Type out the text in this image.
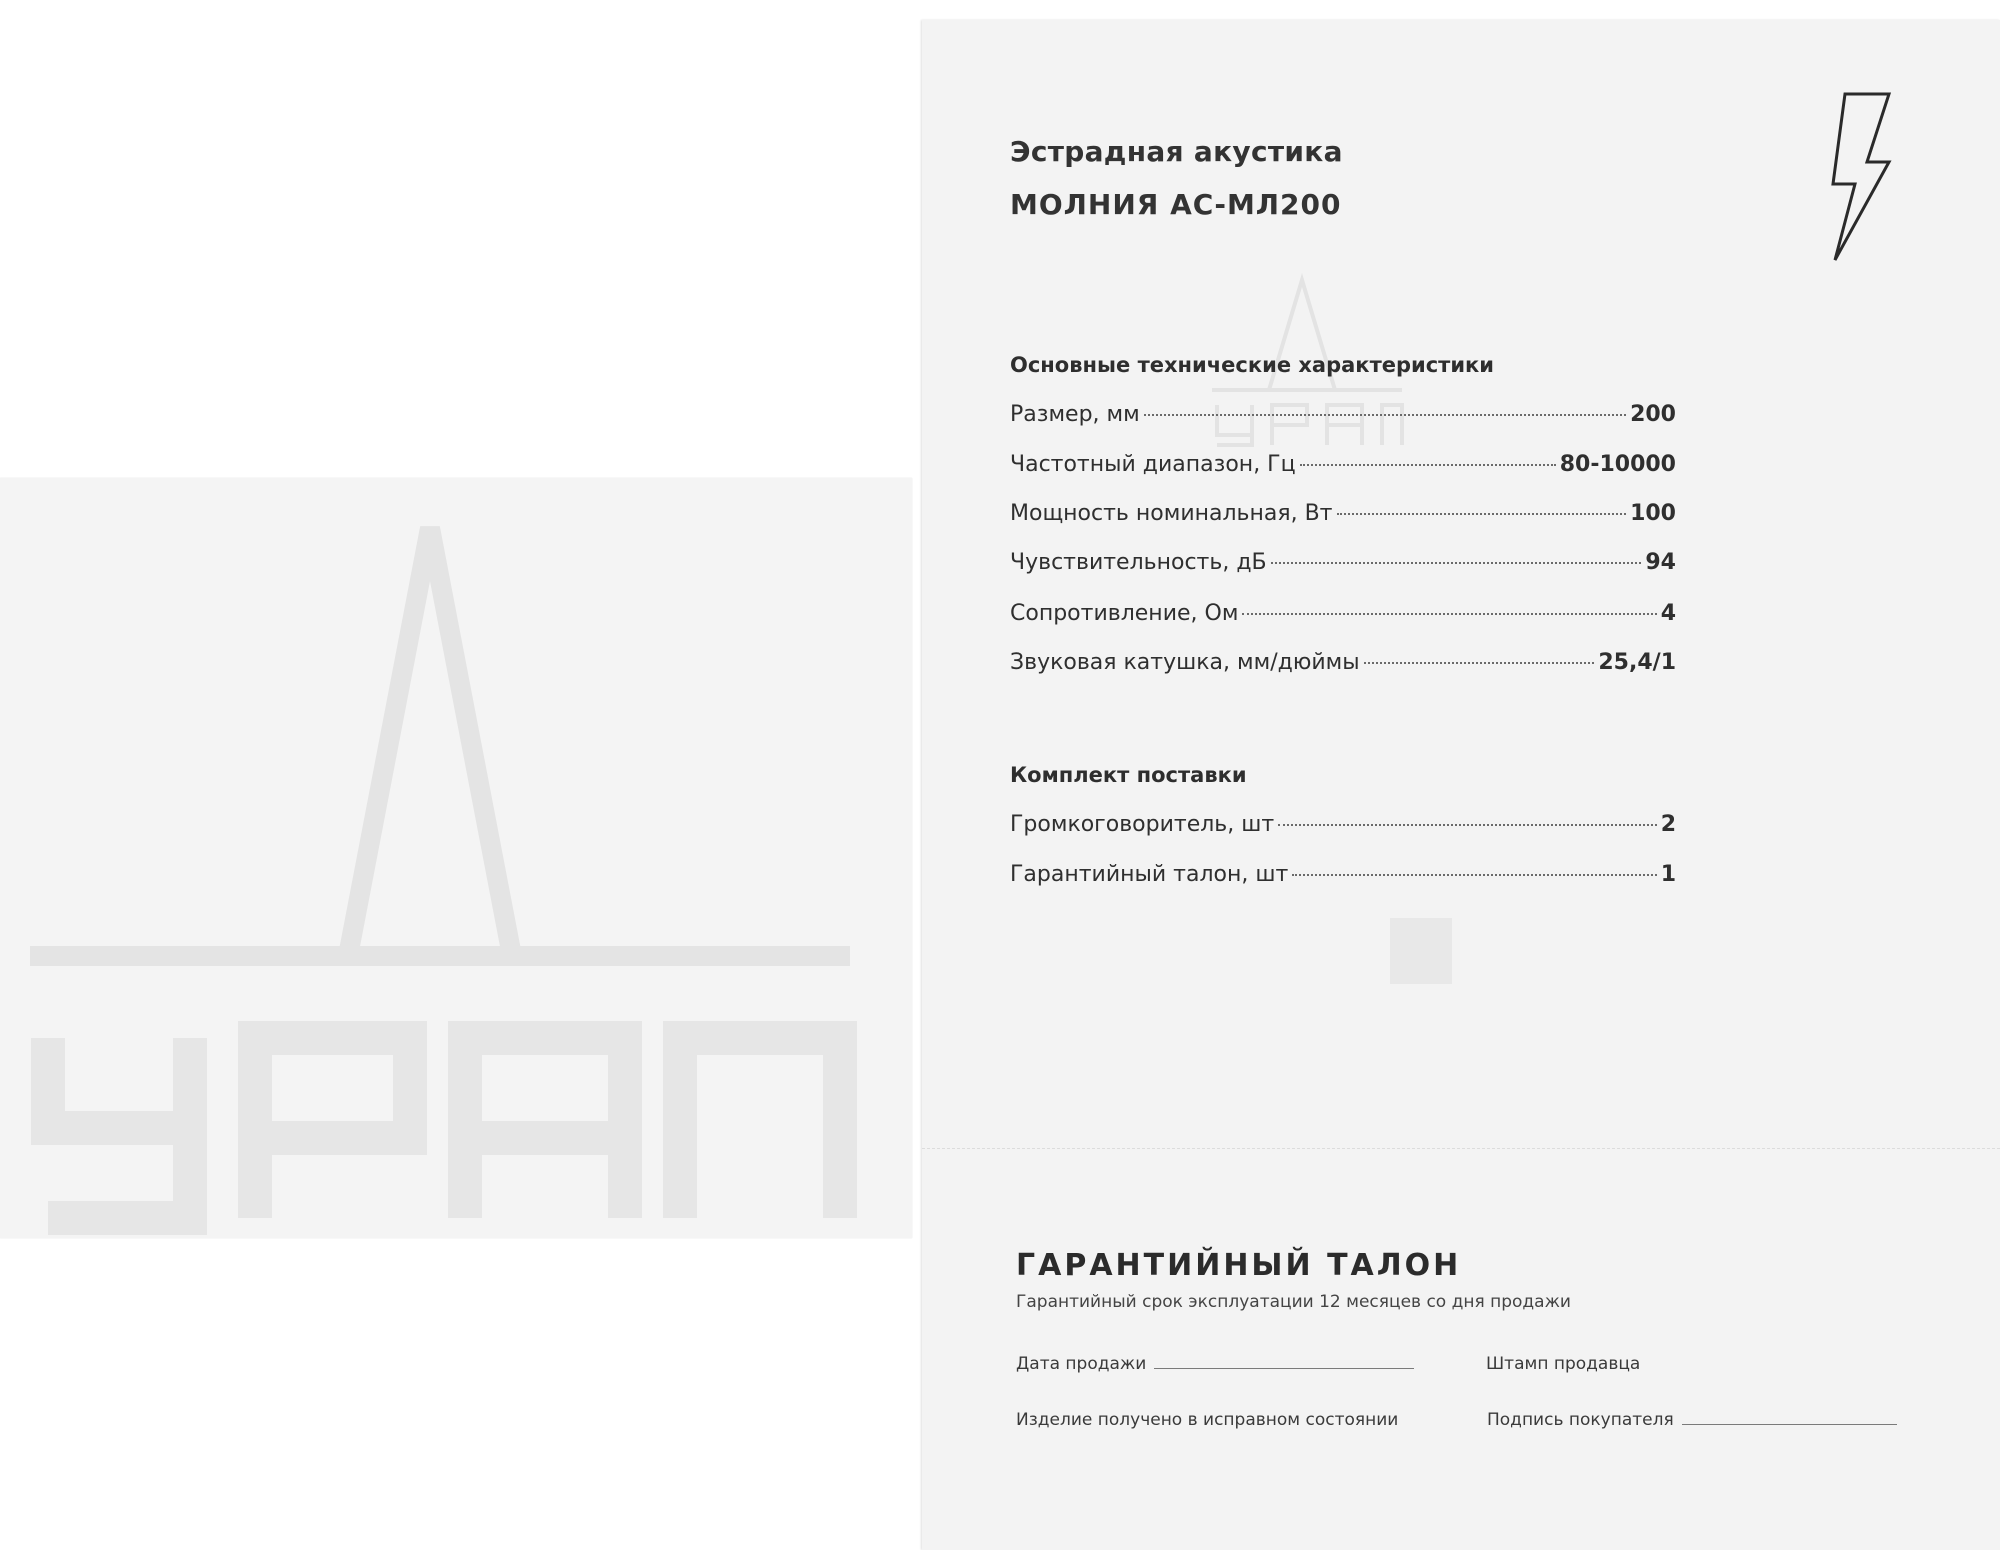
Эстрадная акустика
МОЛНИЯ АС-МЛ200
Основные технические характеристики
Размер, мм	200
Частотный диапазон, Гц	80-10000
Мощность номинальная, Вт	100
Чувствительность, дБ	94
Сопротивление, Ом	4
Звуковая катушка, мм/дюймы	25,4/1
Комплект поставки
Громкоговоритель, шт	2
Гарантийный талон, шт	1
ГАРАНТИЙНЫЙ ТАЛОН
Гарантийный срок эксплуатации 12 месяцев со дня продажи
Дата продажи	Штамп продавца
Изделие получено в исправном состоянии	Подпись покупателя
